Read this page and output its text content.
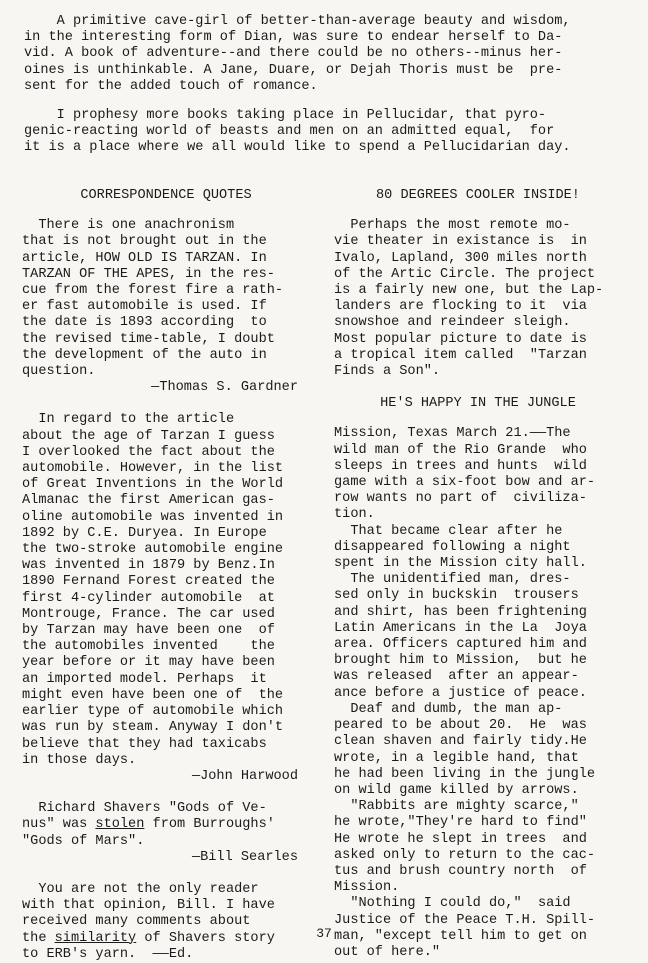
A primitive cave-girl of better-than-average beauty and wisdom,
in the interesting form of Dian, was sure to endear herself to Da-
vid. A book of adventure--and there could be no others--minus her-
oines is unthinkable. A Jane, Duare, or Dejah Thoris must be  pre-
sent for the added touch of romance.

I prophesy more books taking place in Pellucidar, that pyro-
genic-reacting world of beasts and men on an admitted equal,  for
it is a place where we all would like to spend a Pellucidarian day.

CORRESPONDENCE QUOTES
There is one anachronism
that is not brought out in the
article, HOW OLD IS TARZAN. In
TARZAN OF THE APES, in the res-
cue from the forest fire a rath-
er fast automobile is used. If
the date is 1893 according  to
the revised time-table, I doubt
the development of the auto in
question.
—Thomas S. Gardner
In regard to the article
about the age of Tarzan I guess
I overlooked the fact about the
automobile. However, in the list
of Great Inventions in the World
Almanac the first American gas-
oline automobile was invented in
1892 by C.E. Duryea. In Europe
the two-stroke automobile engine
was invented in 1879 by Benz.In
1890 Fernand Forest created the
first 4-cylinder automobile  at
Montrouge, France. The car used
by Tarzan may have been one  of
the automobiles invented    the
year before or it may have been
an imported model. Perhaps  it
might even have been one of  the
earlier type of automobile which
was run by steam. Anyway I don't
believe that they had taxicabs
in those days.
—John Harwood
Richard Shavers "Gods of Ve-
nus" was stolen from Burroughs'
"Gods of Mars".
—Bill Searles
You are not the only reader
with that opinion, Bill. I have
received many comments about
the similarity of Shavers story
to ERB's yarn.  ——Ed.
80 DEGREES COOLER INSIDE!
Perhaps the most remote mo-
vie theater in existance is  in
Ivalo, Lapland, 300 miles north
of the Artic Circle. The project
is a fairly new one, but the Lap-
landers are flocking to it  via
snowshoe and reindeer sleigh.
Most popular picture to date is
a tropical item called  "Tarzan
Finds a Son".
HE'S HAPPY IN THE JUNGLE
Mission, Texas March 21.——The
wild man of the Rio Grande  who
sleeps in trees and hunts  wild
game with a six-foot bow and ar-
row wants no part of  civiliza-
tion.
That became clear after he
disappeared following a night
spent in the Mission city hall.
The unidentified man, dres-
sed only in buckskin  trousers
and shirt, has been frightening
Latin Americans in the La  Joya
area. Officers captured him and
brought him to Mission,  but he
was released  after an appear-
ance before a justice of peace.
Deaf and dumb, the man ap-
peared to be about 20.  He  was
clean shaven and fairly tidy.He
wrote, in a legible hand, that
he had been living in the jungle
on wild game killed by arrows.
"Rabbits are mighty scarce,"
he wrote,"They're hard to find"
He wrote he slept in trees  and
asked only to return to the cac-
tus and brush country north  of
Mission.
"Nothing I could do,"  said
Justice of the Peace T.H. Spill-
man, "except tell him to get on
out of here."
37
